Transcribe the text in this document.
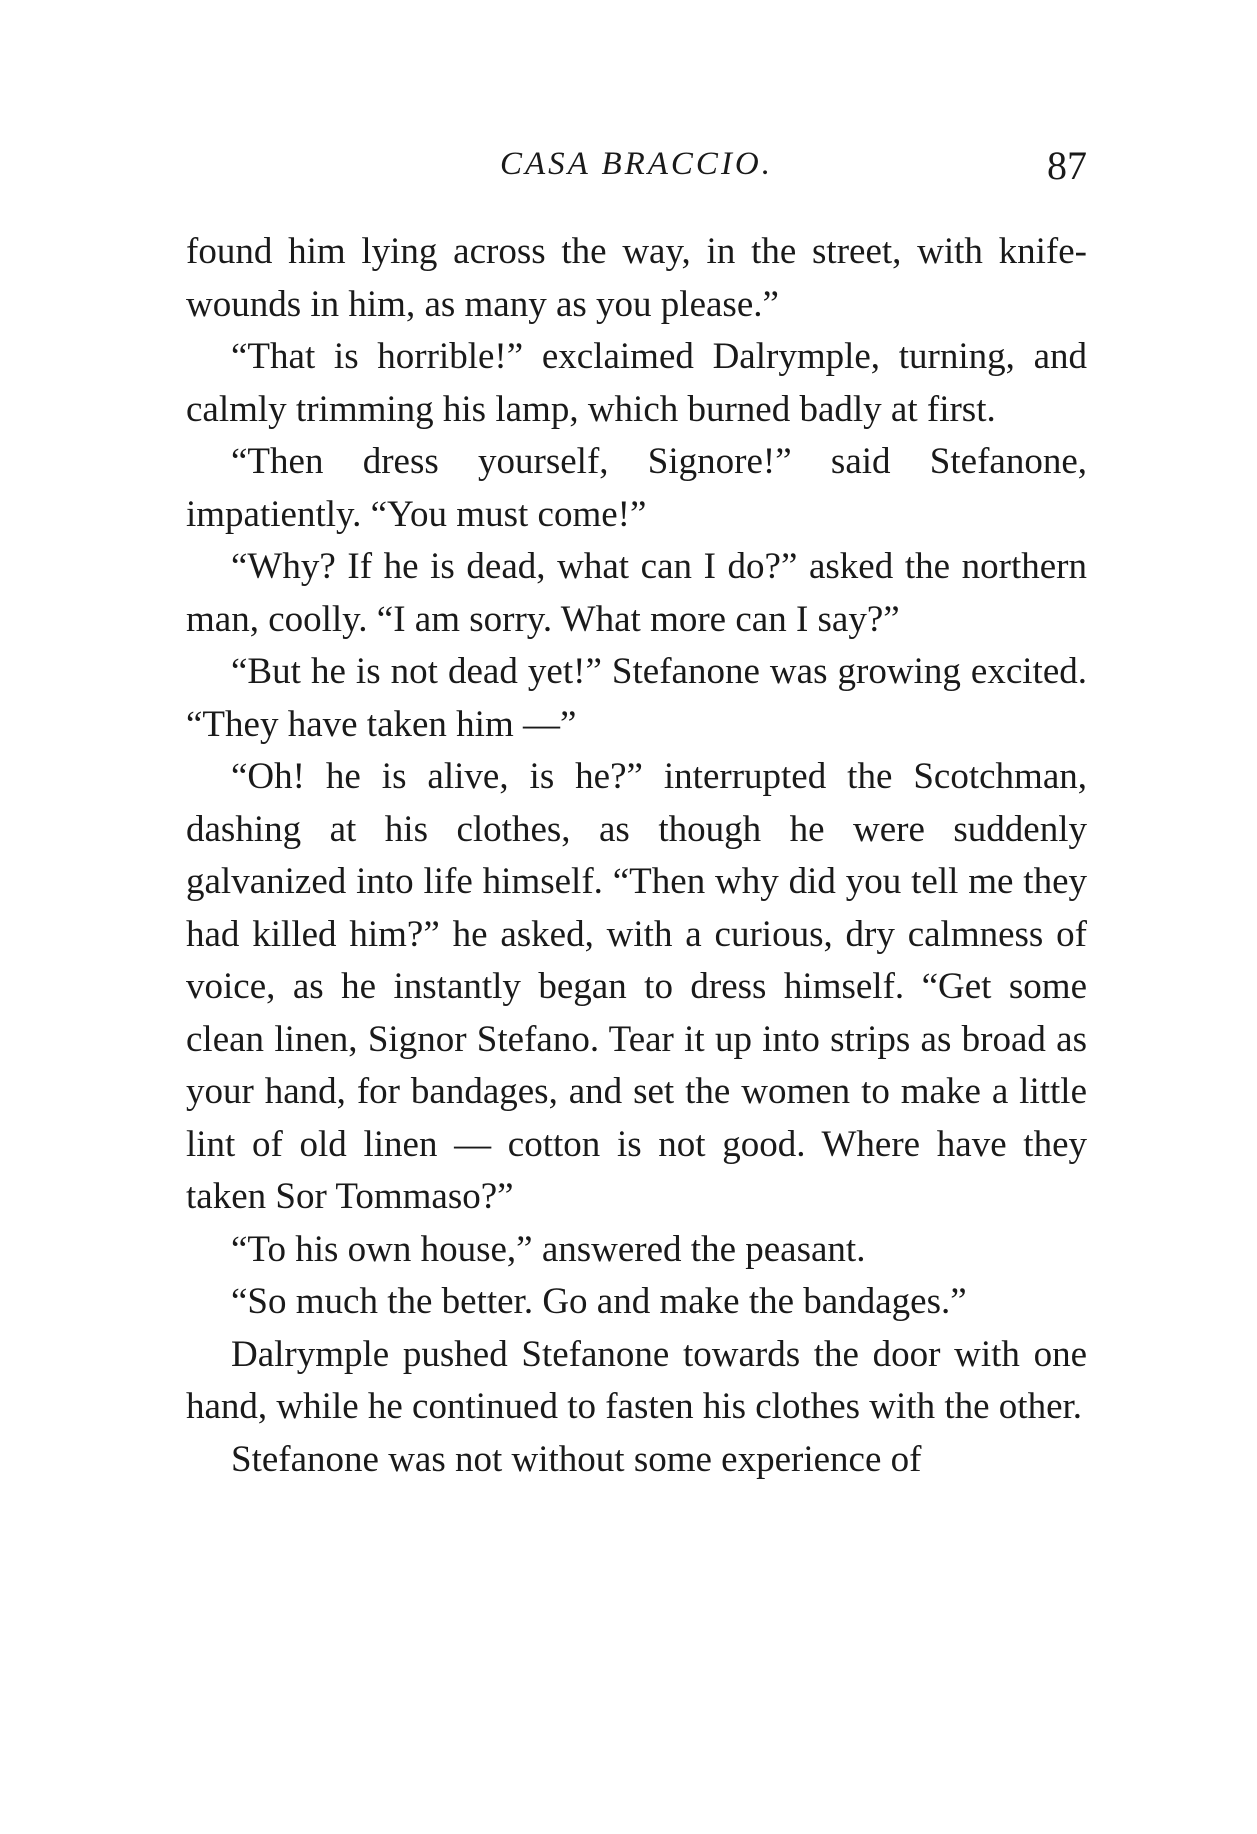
CASA BRACCIO.	87

found him lying across the way, in the street, with knife-wounds in him, as many as you please.”

“That is horrible!” exclaimed Dalrymple, turning, and calmly trimming his lamp, which burned badly at first.

“Then dress yourself, Signore!” said Stefanone, impatiently. “You must come!”

“Why? If he is dead, what can I do?” asked the northern man, coolly. “I am sorry. What more can I say?”

“But he is not dead yet!” Stefanone was growing excited. “They have taken him —”

“Oh! he is alive, is he?” interrupted the Scotchman, dashing at his clothes, as though he were suddenly galvanized into life himself. “Then why did you tell me they had killed him?” he asked, with a curious, dry calmness of voice, as he instantly began to dress himself. “Get some clean linen, Signor Stefano. Tear it up into strips as broad as your hand, for bandages, and set the women to make a little lint of old linen — cotton is not good. Where have they taken Sor Tommaso?”

“To his own house,” answered the peasant.

“So much the better. Go and make the bandages.”

Dalrymple pushed Stefanone towards the door with one hand, while he continued to fasten his clothes with the other.

Stefanone was not without some experience of
